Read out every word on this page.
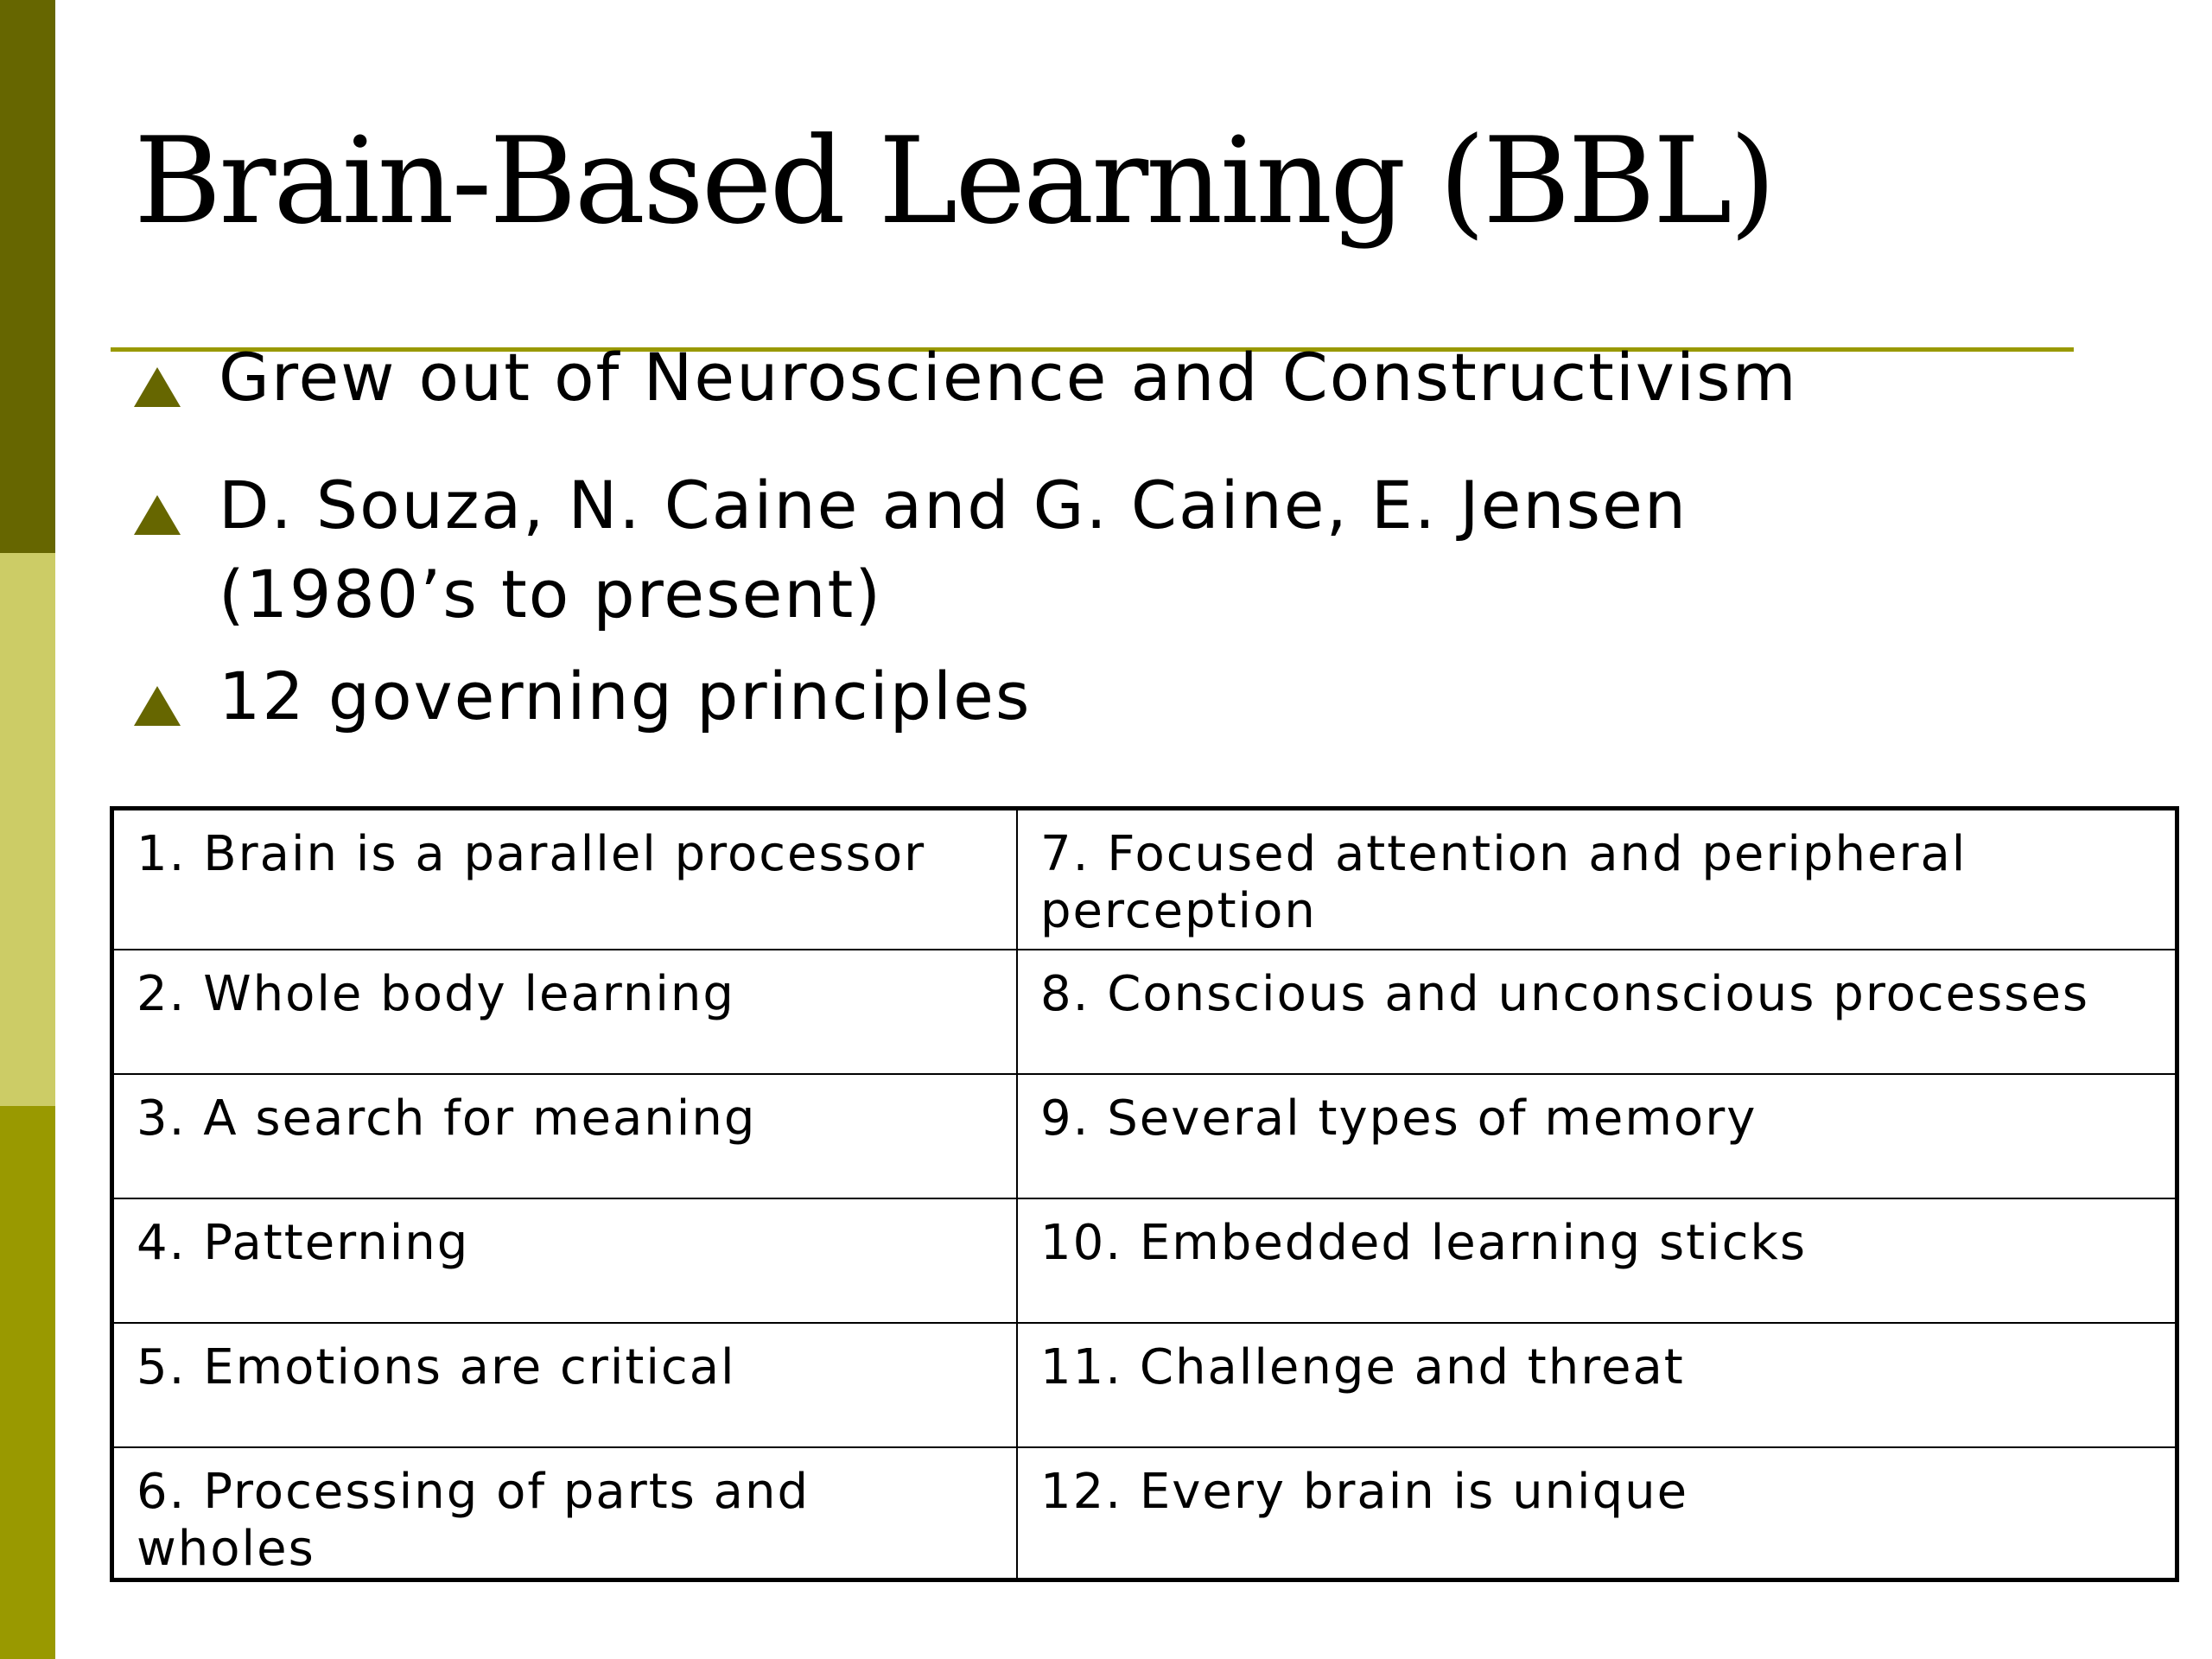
Brain-Based Learning (BBL)
Grew out of Neuroscience and Constructivism
D. Souza, N. Caine and G. Caine, E. Jensen (1980’s to present)
12 governing principles
1. Brain is a parallel processor	7. Focused attention and peripheral perception
2. Whole body learning	8. Conscious and unconscious processes
3. A search for meaning	9. Several types of memory
4. Patterning	10. Embedded learning sticks
5. Emotions are critical	11. Challenge and threat
6. Processing of parts and wholes	12. Every brain is unique
